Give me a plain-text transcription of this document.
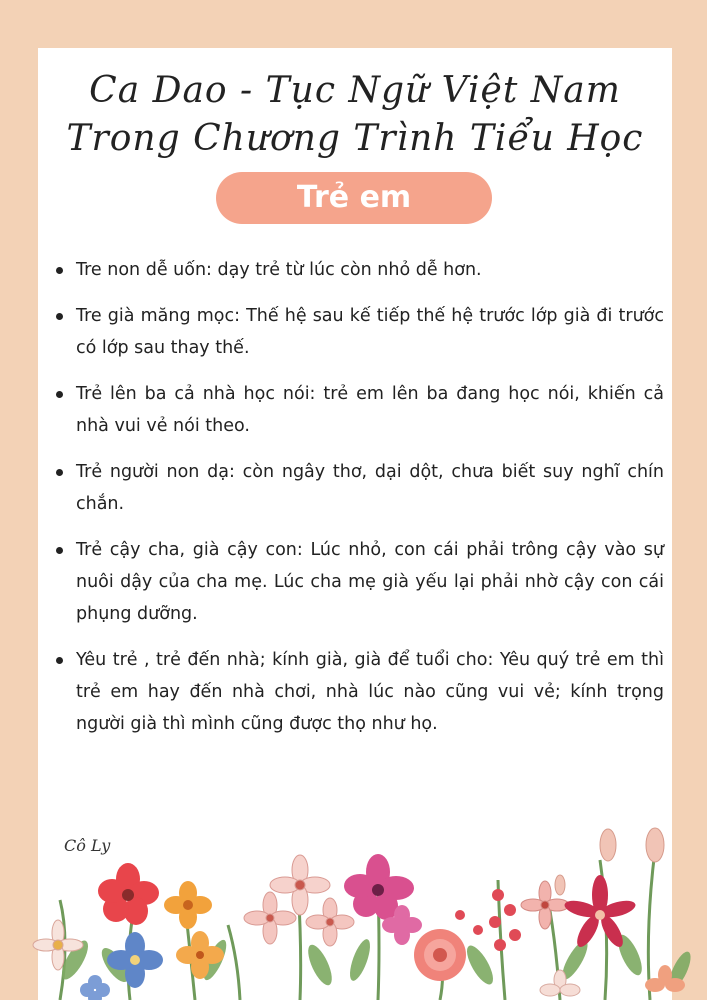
Ca Dao - Tục Ngữ Việt Nam
Trong Chương Trình Tiểu Học
Trẻ em
Tre non dễ uốn: dạy trẻ từ lúc còn nhỏ dễ hơn.
Tre già măng mọc: Thế hệ sau kế tiếp thế hệ trước lớp già đi trước có lớp sau thay thế.
Trẻ lên ba cả nhà học nói: trẻ em lên ba đang học nói, khiến cả nhà vui vẻ nói theo.
Trẻ người non dạ: còn ngây thơ, dại dột, chưa biết suy nghĩ chín chắn.
Trẻ cậy cha, già cậy con: Lúc nhỏ, con cái phải trông cậy vào sự nuôi dậy của cha mẹ. Lúc cha mẹ già yếu lại phải nhờ cậy con cái phụng dưỡng.
Yêu trẻ , trẻ đến nhà; kính già, già để tuổi cho: Yêu quý trẻ em thì trẻ em hay đến nhà chơi, nhà lúc nào cũng vui vẻ; kính trọng người già thì mình cũng được thọ như họ.
Cô Ly
